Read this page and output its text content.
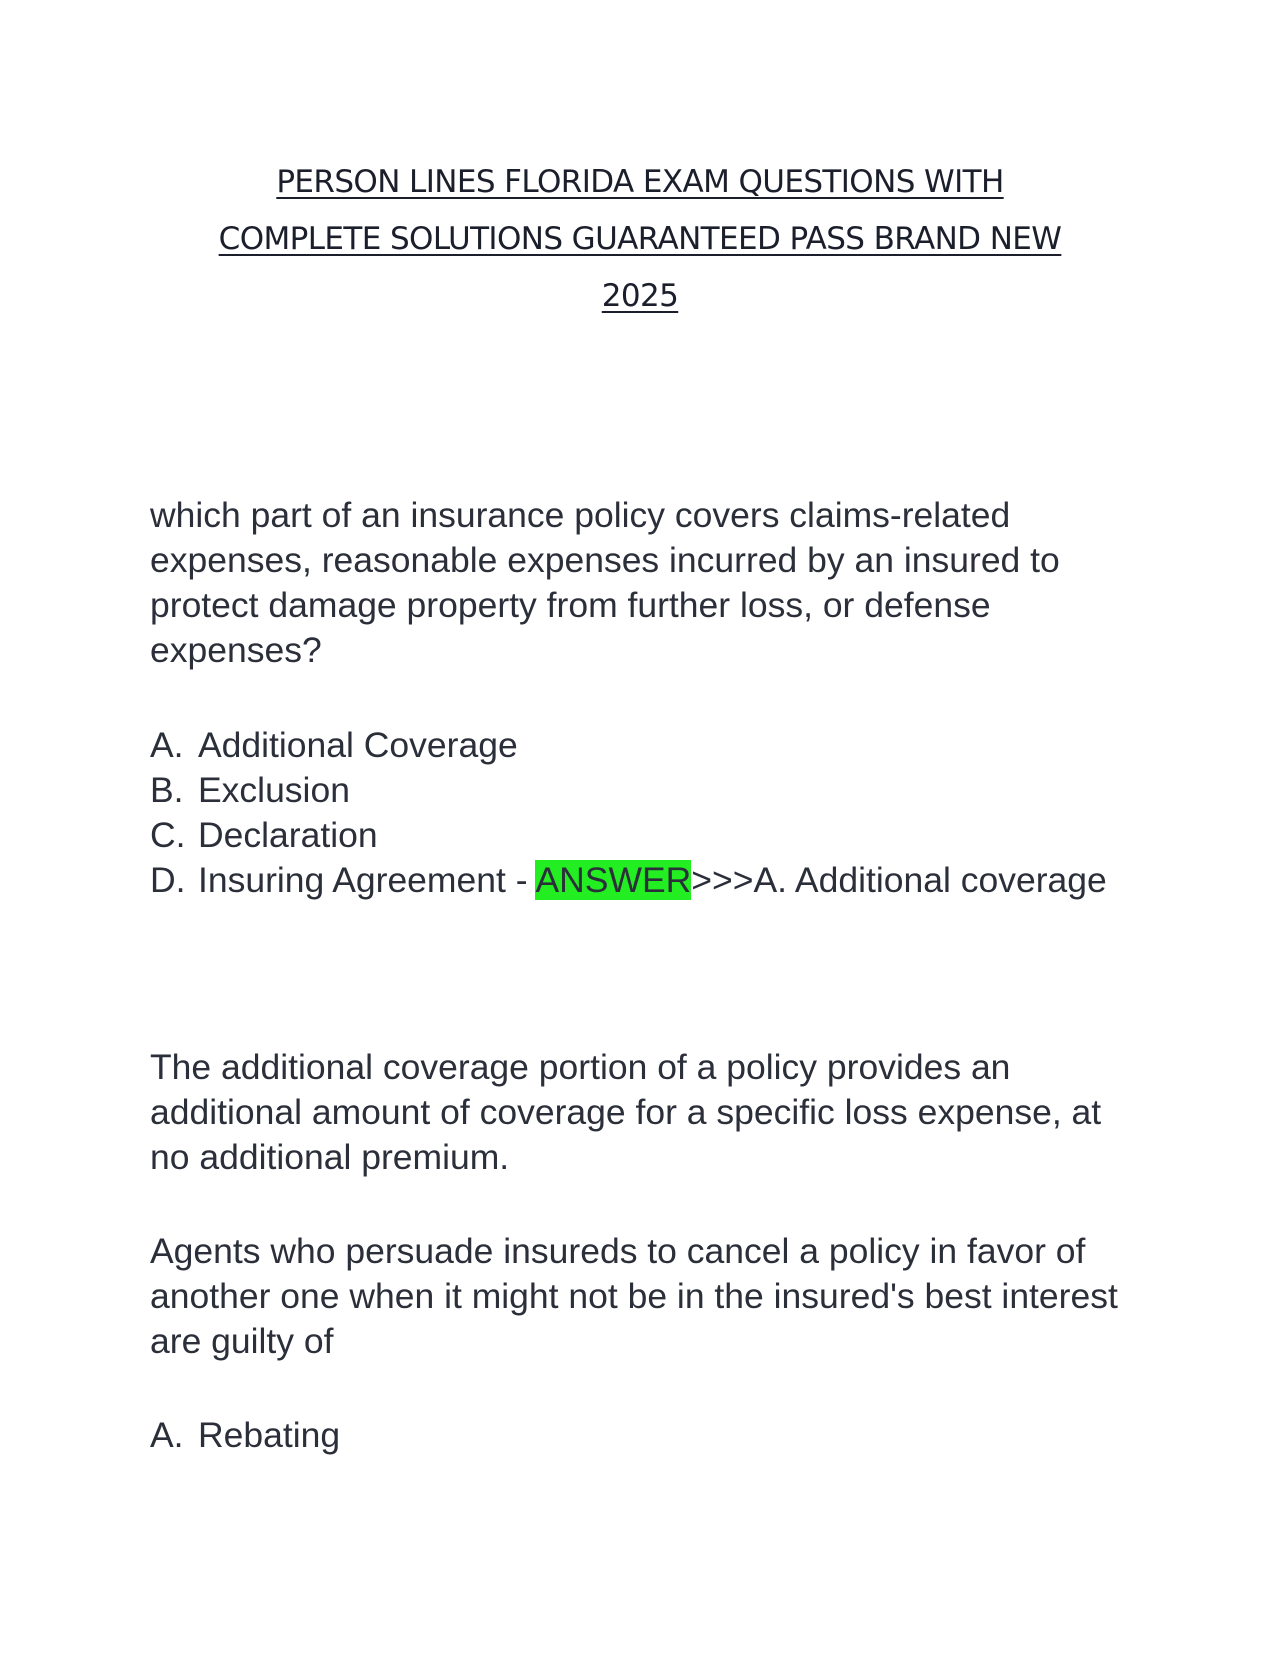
PERSON LINES FLORIDA EXAM QUESTIONS WITH
COMPLETE SOLUTIONS GUARANTEED PASS BRAND NEW
2025
which part of an insurance policy covers claims-related expenses, reasonable expenses incurred by an insured to protect damage property from further loss, or defense expenses?
A. Additional Coverage
B. Exclusion
C. Declaration
D. Insuring Agreement - ANSWER>>>A. Additional coverage
The additional coverage portion of a policy provides an additional amount of coverage for a specific loss expense, at no additional premium.
Agents who persuade insureds to cancel a policy in favor of another one when it might not be in the insured's best interest are guilty of
A. Rebating
